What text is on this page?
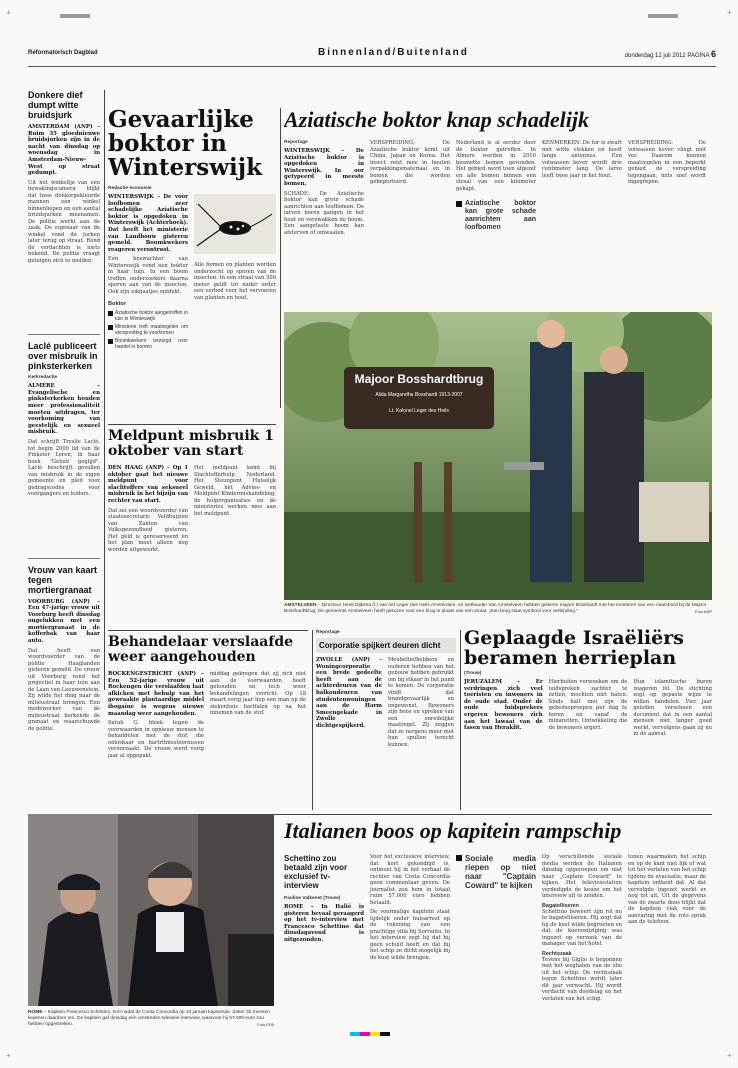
+	+
+	+
Reformatorisch Dagblad	Binnenland/Buitenland	donderdag 12 juli 2012 PAGINA 6
Donkere dief dumpt witte bruidsjurk
AMSTERDAM (ANP) – Ruim 35 gloednieuwe bruidsjurken zijn in de nacht van dinsdag op woensdag in Amsterdam-Nieuw-West op straat gedumpt.

Uit het winkeltje van een bewakingscamera blijkt dat twee donkergekleurde mannen een winkel binnenliepen en een aantal bruidsjurken meenamen. De politie werkt aan de zaak. De eigenaar van de winkel vond de jurken later terug op straat. Rond de verdachten is niets bekend. De politie vraagt getuigen zich te melden.

Laclé publiceert over misbruik in pinksterkerken
Kerkredactie
ALMERE – Evangelische en pinksterkerken houden meer professionaliteit moeten uitdragen, ter voorkoming van geestelijk en sexueel misbruik.

Dat schrijft Treslie Laclé, tot begin 2009 lid van de Pinkster Leren, in haar boek "Geloof geglijd". Laclé beschrijft gevallen van misbruik in de eigen gemeente en pleit voor gedragscodes voor voorgangers en leiders.

Vrouw van kaart tegen mortiergranaat
VOORBURG (ANP) – Een 47-jarige vrouw uit Voorburg heeft dinsdag ongelukken met een mortiergranaat in de kofferbak van haar auto.

Dat heeft een woordvoerder van de politie Haaglanden gisteren gemeld. De vrouw uit Voorburg vond het projectiel in haar tuin aan de Laan van Leeuwenstein. Zij wilde het ding naar de milieustraat brengen. Een medewerker van de milieustraat herkende de granaat en waarschuwde de politie.

Gevaarlijke boktor in Winterswijk
Redactie economie
WINTERSWIJK – De voor loofbomen zeer schadelijke Aziatische boktor is opgedoken in Winterswijk (Achterhoek). Dat heeft het ministerie van Landbouw gisteren gemeld. Boomkwekers reageren verontrust.

Een boswachter van Winterswijk vond een boktor in haar tuin. In een boom troffen onderzoekers daarna sporen aan van de insecten. Ook zijn eikgaatjes ontdekt.

Boktor
Aziatische boktor aangetroffen in tuin in Winterswijk
Ministerie treft maatregelen om verspreiding te voorkomen
Boomkwekers bezorgd over handel in bomen

Alle bomen en planten worden onderzocht op sporen van de insecten. In een straal van 500 meter geldt tot nader order een verbod voor het vervoeren van planten en hout.

Aziatische boktor knap schadelijk
Reportage
WINTERSWIJK – De Aziatische boktor is opgedoken in Winterswijk. In oor getypeerd in meeste bomen.

SCHADE: De Aziatische boktor kan grote schade aanrichten aan loofbomen. De larven boren gangen in het hout en verzwakken de boom. Een aangetaste boom kan afsterven of omwaaien.

VERSPREIDING: De Aziatische boktor komt uit China, Japan en Korea. Het insect reist mee in houten verpakkingsmateriaal en in bomen die worden geïmporteerd.

Nederland is al eerder door de boktor getroffen. In Almere werden in 2010 besmette bomen gevonden. Het gebied werd toen afgezet en alle bomen binnen een straal van een kilometer gekapt.

Aziatische boktor kan grote schade aanrichten aan loofbomen

KENMERKEN: De tor is zwart met witte vlekken en heeft lange antennes. Een volwassen kever wordt drie centimeter lang. De larve leeft twee jaar in het hout.

VERSPREIDING: De volwassen kever vliegt niet ver. Daarom kunnen maatregelen in een beperkt gebied de verspreiding tegengaan, mits snel wordt ingegrepen.

Meldpunt misbruik 1 oktober van start
DEN HAAG (ANP) – Op 1 oktober gaat het nieuwe meldpunt voor slachtoffers van seksueel misbruik in het bijzijn van rechter van start.

Dat zei een woordvoerder van staatssecretaris Veldhuijzen van Zanten van Volksgezondheid gisteren. Het geld is gereserveerd en het plan moet alleen nog worden uitgewerkt.

Het meldpunt komt bij Slachtofferhulp Nederland. Het Steunpunt Huiselijk Geweld, het Advies- en Meldpunt Kindermishandeling, de hulporganisaties en de ministeries werken mee aan het meldpunt.

Majoor Bosshardtbrug
Alida Margaretha Bosshardt 1913-2007
Lt. Kolonel Leger des Heils
AMSTELVEEN – Directeur Henk Dijkstra (l.) van het Leger des Heils Amsterdam, en wethouder Van Amstelveen hebben gisteren majoor Bosshardt met het monteren van een naambord bij de Majoor Bosshardtbrug. De gemeente Amstelveen heeft gekozen voor een brug in plaats van een straat. „Een brug staat symbool voor verbinding."	Foto ANP
Behandelaar verslaafde weer aangehouden
ROCKENGESTRICHT (ANP) – Een 52-jarige vrouw uit Rockengen die verslaafden laat afkicken met behulp van het gewraakte plantaardige middel ibogaïne is wegens nieuwe maandag weer aangehouden.

Sarah G. bleek tegen de voorwaarden in opnieuw mensen te behandelen met de stof, die onlosbaar en hartritmestoornissen veroorzaakt. De vrouw werd vorig jaar al opgepakt.

middag gekregen dat zij zich niet aan de voorwaarden heeft gehouden en toch weer behandelingen verricht. Op 18 maart vorig jaar liep een man op de ziekenhuis hartfalen op na het innemen van de stof.

Reportage
Corporatie spijkert deuren dicht
ZWOLLE (ANP) – Woningcorporatie een brede gedeelte heeft aan de achterdeuren van de balkondeuren van studentenwoningen aan de Harm Smeengekade in Zwolle dichtgespijkerd.

Meubelliefhebbers en ouderen hebben van het gebouw hebben gebruikt om bij elkaar in het pand te komen. De corporatie vindt dat brandgevaarlijk en ongewenst. Bewoners zijn boos en spreken van een onredelijke maatregel. Zij zeggen dat ze nergens meer met hun spullen terecht kunnen.

Geplaagde Israëliërs beramen herrieplan
(Trouw)
JERUZALEM – Er verdringen zich veel toeristen en inwoners in de oude stad. Onder de oude luidsprekers ergeren bewoners zich aan het lawaai van de fasen van Heraklit.

Hierbuiten verwoeken om de luidspreken zachter te zetten, mochten niet baten. Sinds half mei zijn de gebedsoproepen per dag te horen en vanaf de minaretten. Ontwikkeling die de bewoners ergert.

Hun islamitische buren reageren fel. De stichting zegt op gepaste wijze te willen handelen. Vier jaar geleden verscheen een document dat in een aantal mensen niet langer goed werkt, vervolgens gaan zij nu in de aanval.

Italianen boos op kapitein rampschip
ROME – Kapitein Francesco Schettino, kort nadat de Costa Concordia op 13 januari kapseisde. Zeker 32 mensen kwamen daardoor om. De kapitein gaf dinsdag een omstreden televisie-interview, waarvoor hij 57.000 euro zou hebben opgestreken.	Foto EPA
Schettino zou betaald zijn voor exclusief tv-interview
Pauline Valkenet (Trouw)
ROME – In Italië is gisteren bevaal geraagerd op het tv-interview met Francesco Schettino dat dinsdagavond is uitgezonden.

Voor het exclusieve interview, dat kort gekondigd is, ontmoet hij in het verhaal de rechter van Costa Concordia geen commentaar geven. De journalist zou hem in totaal ruim 57.000 euro hebben betaald.

De voormalige kapitein staat tijdelijk onder huisarrest op de rekening van een prachtige villa bij Sorrento. In het interview zegt hij dat hij geen schuld heeft en dat hij het schip zo dicht mogelijk bij de kust wilde brengen.

Sociale media riepen op niet naar "Captain Coward" te kijken

Op verschillende sociale media werden de Italianen dinsdag opgeroepen om niet naar „Captain Coward" te kijken. Het televisiestation verdedigde de keuze om het interview uit te zenden.

Bagatelliseren

Schettino beweert zijn rol nu te bagatelliseren. Hij zegt dat hij de kust wilde begroeten en dat de koerswijziging was ingezet op verzoek van de manager van het hotel.

Rechtszaak

Tevens bij Giglio is begonnen met het weghalen van de olie uit het schip. De rechtszaak tegen Schettino wordt later dit jaar verwacht. Hij wordt verdacht van doodslag en het verlaten van het schip.

tonen waarmaken het schip en op de kant niet lijk of wat tot het verlaten van het schip tijdens de evacuatie, maar de kapitein ontkent dat. Al dat vervolgde ingezet werkt er nog tot uit. Uit de gegevens van de zwarte doos blijkt dat de kapitein vlak voor de aanvaring met de rots sprak aan de telefoon.
